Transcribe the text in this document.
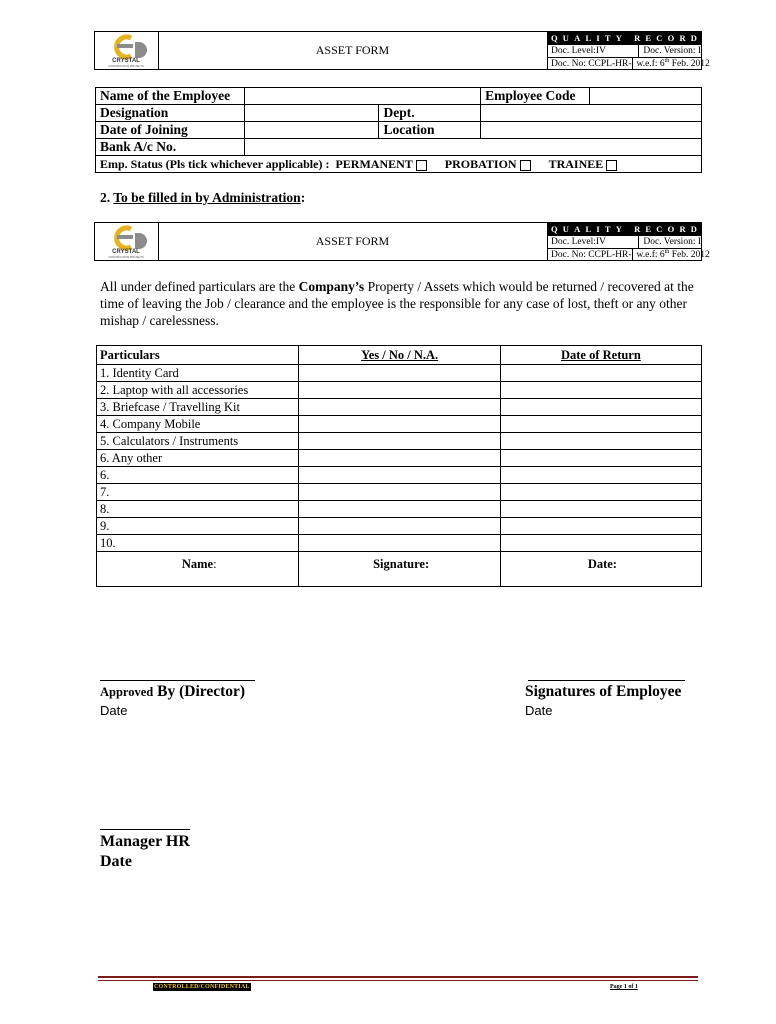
CRYSTAL
CONSTRUCTION PROJECTS
ASSET FORM
QUALITY RECORDS/FORMS
Doc. Level:IV	Doc. Version: I
Doc. No: CCPL-HR- w.e.f: 6th Feb. 2012
Name of the Employee			Employee Code	
Designation		Dept.		
Date of Joining		Location		
Bank A/c No.				
Emp. Status (Pls tick whichever applicable) : PERMANENT PROBATION TRAINEE				
2. To be filled in by Administration:
CRYSTAL
CONSTRUCTION PROJECTS
ASSET FORM
QUALITY RECORDS/FORMS
Doc. Level:IV	Doc. Version: I
Doc. No: CCPL-HR- w.e.f: 6th Feb. 2012
All under defined particulars are the Company’s Property / Assets which would be returned / recovered at the time of leaving the Job / clearance and the employee is the responsible for any case of lost, theft or any other mishap / carelessness.
Particulars	Yes / No / N.A.	Date of Return
1. Identity Card		
2. Laptop with all accessories		
3. Briefcase / Travelling Kit		
4. Company Mobile		
5. Calculators / Instruments		
6. Any other		
6.		
7.		
8.		
9.		
10.		
Name:	Signature:	Date:
Approved By (Director)
Date
Signatures of Employee
Date
Manager HR
Date
CONTROLLED/CONFIDENTIAL	Page 1 of 1
